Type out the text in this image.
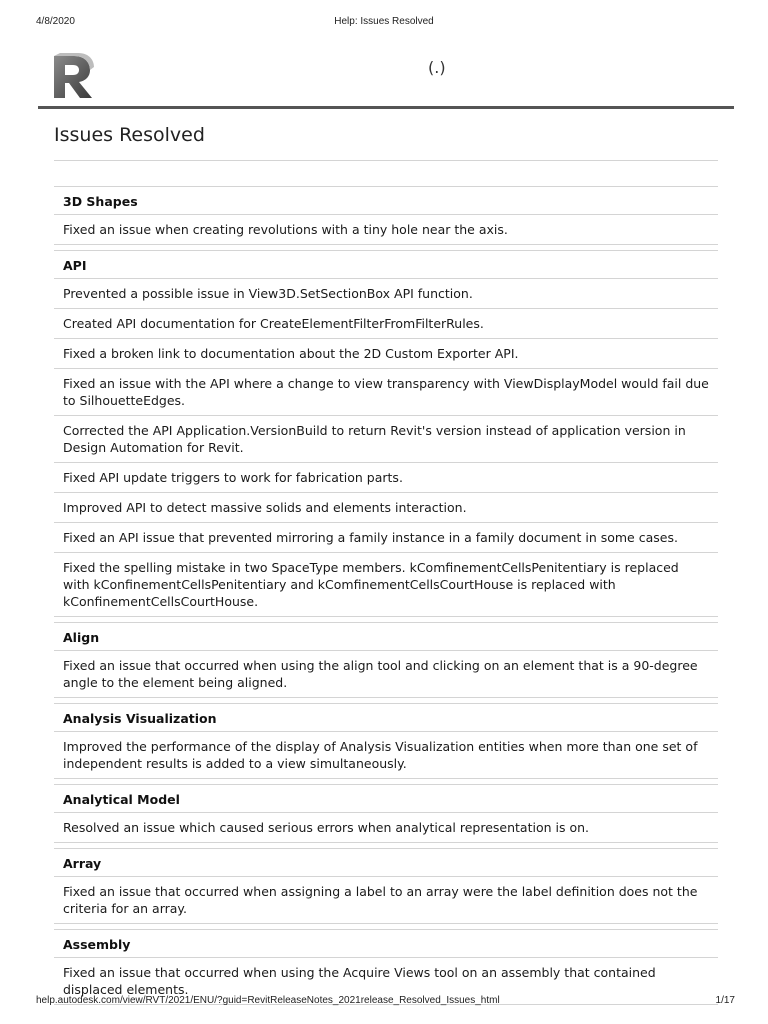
4/8/2020	Help: Issues Resolved
(.)
Issues Resolved
3D Shapes
Fixed an issue when creating revolutions with a tiny hole near the axis.
API
Prevented a possible issue in View3D.SetSectionBox API function.
Created API documentation for CreateElementFilterFromFilterRules.
Fixed a broken link to documentation about the 2D Custom Exporter API.
Fixed an issue with the API where a change to view transparency with ViewDisplayModel would fail due to SilhouetteEdges.
Corrected the API Application.VersionBuild to return Revit's version instead of application version in Design Automation for Revit.
Fixed API update triggers to work for fabrication parts.
Improved API to detect massive solids and elements interaction.
Fixed an API issue that prevented mirroring a family instance in a family document in some cases.
Fixed the spelling mistake in two SpaceType members. kComfinementCellsPenitentiary is replaced with kConfinementCellsPenitentiary and kComfinementCellsCourtHouse is replaced with kConfinementCellsCourtHouse.
Align
Fixed an issue that occurred when using the align tool and clicking on an element that is a 90-degree angle to the element being aligned.
Analysis Visualization
Improved the performance of the display of Analysis Visualization entities when more than one set of independent results is added to a view simultaneously.
Analytical Model
Resolved an issue which caused serious errors when analytical representation is on.
Array
Fixed an issue that occurred when assigning a label to an array were the label definition does not the criteria for an array.
Assembly
Fixed an issue that occurred when using the Acquire Views tool on an assembly that contained displaced elements.
help.autodesk.com/view/RVT/2021/ENU/?guid=RevitReleaseNotes_2021release_Resolved_Issues_html	1/17
